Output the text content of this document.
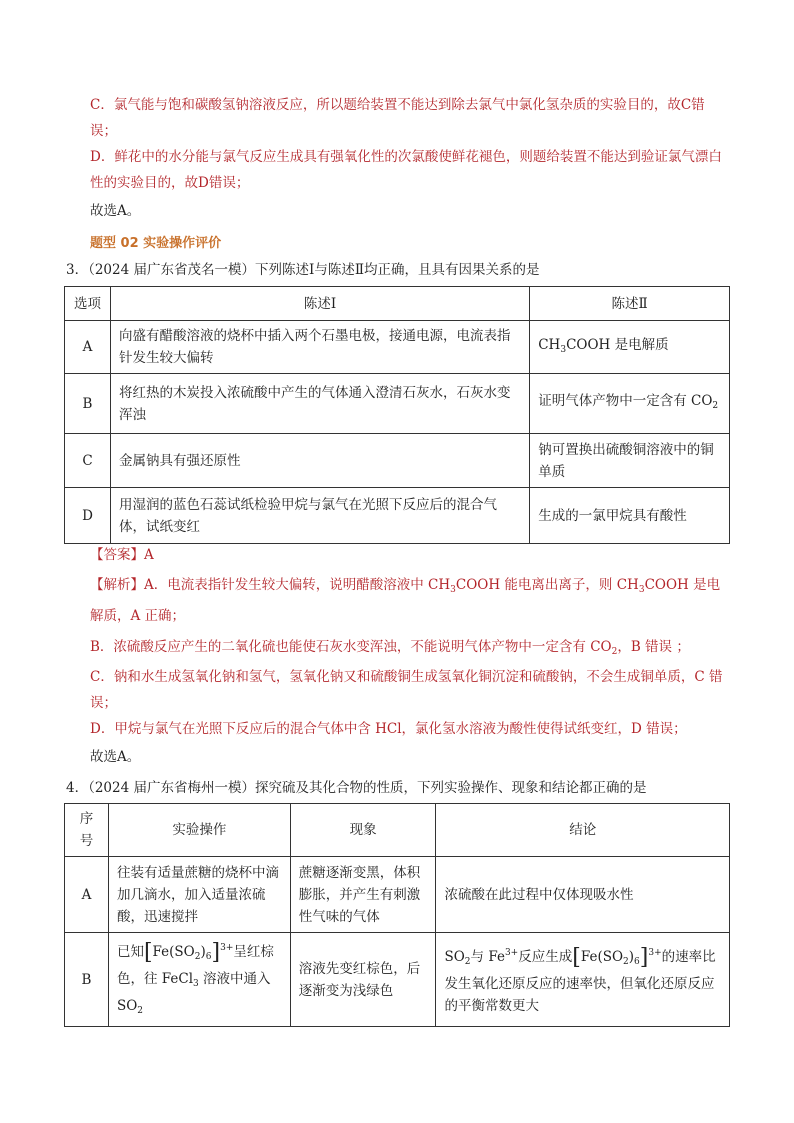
C．氯气能与饱和碳酸氢钠溶液反应，所以题给装置不能达到除去氯气中氯化氢杂质的实验目的，故C错误；
D．鲜花中的水分能与氯气反应生成具有强氧化性的次氯酸使鲜花褪色，则题给装置不能达到验证氯气漂白性的实验目的，故D错误；
故选A。
题型 02 实验操作评价
3．（2024 届广东省茂名一模）下列陈述Ⅰ与陈述Ⅱ均正确，且具有因果关系的是
选项	陈述Ⅰ	陈述Ⅱ
A	向盛有醋酸溶液的烧杯中插入两个石墨电极，接通电源，电流表指针发生较大偏转	$CH_3COOH$ 是电解质
B	将红热的木炭投入浓硫酸中产生的气体通入澄清石灰水，石灰水变浑浊	证明气体产物中一定含有 $CO_2$
C	金属钠具有强还原性	钠可置换出硫酸铜溶液中的铜单质
D	用湿润的蓝色石蕊试纸检验甲烷与氯气在光照下反应后的混合气体，试纸变红	生成的一氯甲烷具有酸性
【答案】A
【解析】A．电流表指针发生较大偏转，说明醋酸溶液中 $CH_3COOH$ 能电离出离子，则 $CH_3COOH$ 是电解质，A 正确；
B．浓硫酸反应产生的二氧化硫也能使石灰水变浑浊，不能说明气体产物中一定含有 $CO_2$，B 错误 ；
C．钠和水生成氢氧化钠和氢气，氢氧化钠又和硫酸铜生成氢氧化铜沉淀和硫酸钠，不会生成铜单质，C 错误；
D．甲烷与氯气在光照下反应后的混合气体中含 HCl，氯化氢水溶液为酸性使得试纸变红，D 错误；
故选A。
4．（2024 届广东省梅州一模）探究硫及其化合物的性质，下列实验操作、现象和结论都正确的是
序号	实验操作	现象	结论
A	往装有适量蔗糖的烧杯中滴加几滴水，加入适量浓硫酸，迅速搅拌	蔗糖逐渐变黑，体积膨胀，并产生有刺激性气味的气体	浓硫酸在此过程中仅体现吸水性
B	已知$[Fe(SO_2)_6]^{3+}$呈红棕色，往 FeCl$_3$ 溶液中通入 $SO_2$	溶液先变红棕色，后逐渐变为浅绿色	$SO_2$与 $Fe^{3+}$反应生成$[Fe(SO_2)_6]^{3+}$的速率比发生氧化还原反应的速率快，但氧化还原反应的平衡常数更大
